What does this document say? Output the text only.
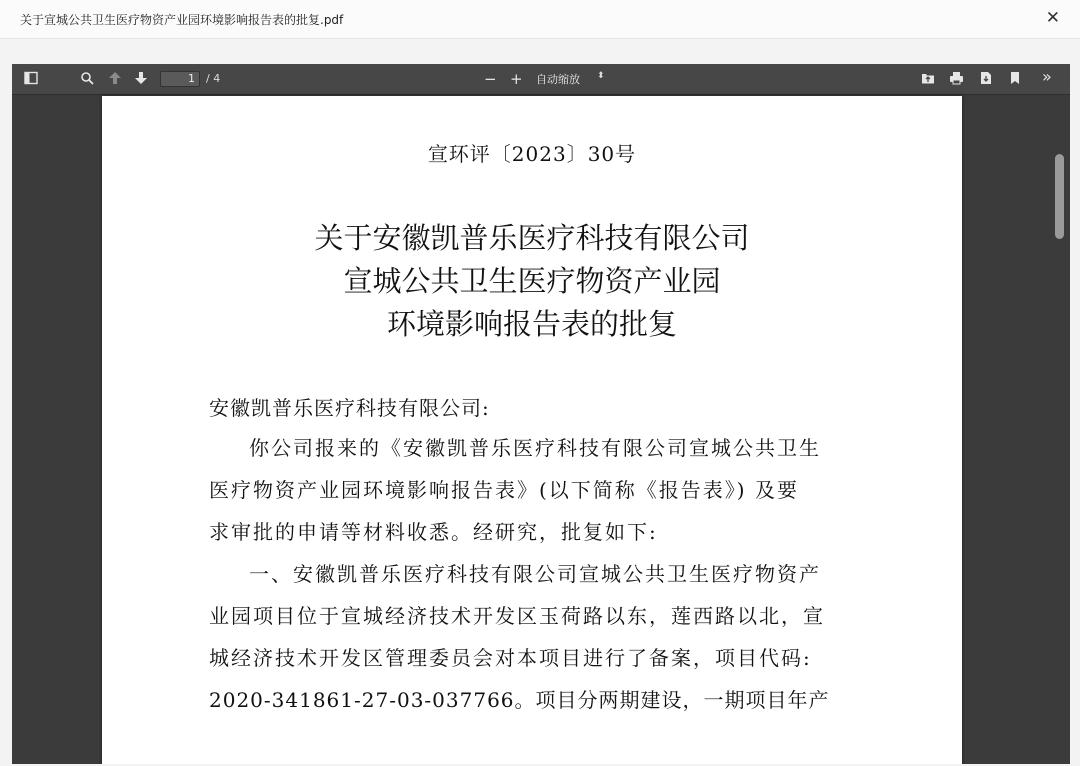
关于宣城公共卫生医疗物资产业园环境影响报告表的批复.pdf	✕
1	/ 4	− + 自动缩放 ⬍	»
宣环评〔2023〕30号
关于安徽凯普乐医疗科技有限公司
宣城公共卫生医疗物资产业园
环境影响报告表的批复
安徽凯普乐医疗科技有限公司:
你公司报来的《安徽凯普乐医疗科技有限公司宣城公共卫生
医疗物资产业园环境影响报告表》(以下简称《报告表》) 及要
求审批的申请等材料收悉。经研究，批复如下:
一、安徽凯普乐医疗科技有限公司宣城公共卫生医疗物资产
业园项目位于宣城经济技术开发区玉荷路以东，莲西路以北，宣
城经济技术开发区管理委员会对本项目进行了备案，项目代码:
2020-341861-27-03-037766。项目分两期建设，一期项目年产
